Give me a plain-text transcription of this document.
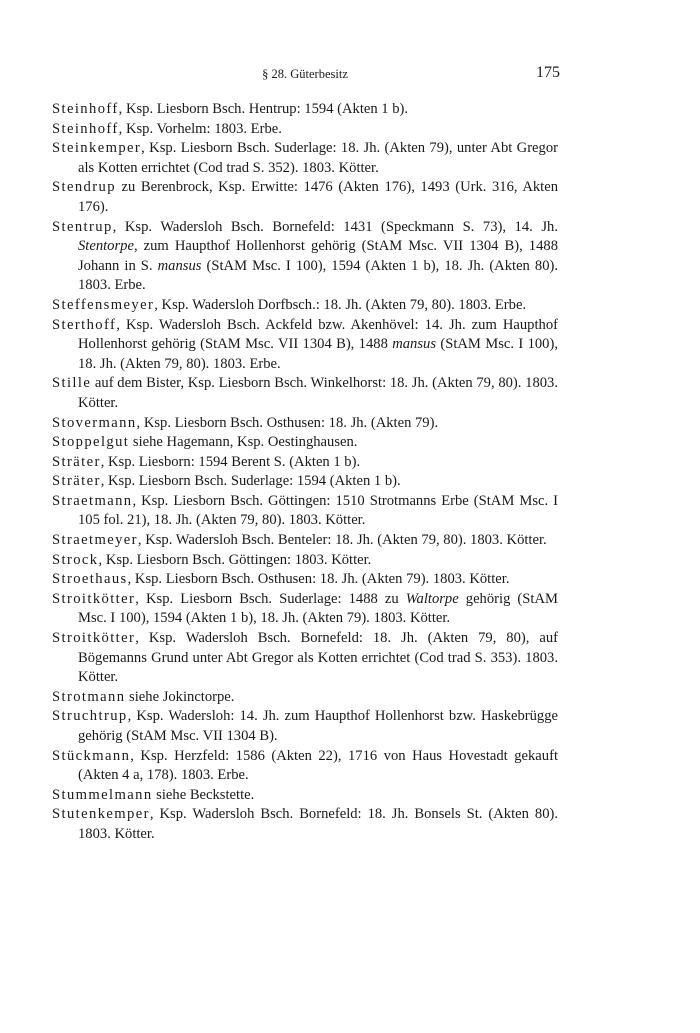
§ 28. Güterbesitz	175

Steinhoff, Ksp. Liesborn Bsch. Hentrup: 1594 (Akten 1 b).

Steinhoff, Ksp. Vorhelm: 1803. Erbe.

Steinkemper, Ksp. Liesborn Bsch. Suderlage: 18. Jh. (Akten 79), unter Abt Gregor als Kotten errichtet (Cod trad S. 352). 1803. Kötter.

Stendrup zu Berenbrock, Ksp. Erwitte: 1476 (Akten 176), 1493 (Urk. 316, Akten 176).

Stentrup, Ksp. Wadersloh Bsch. Bornefeld: 1431 (Speckmann S. 73), 14. Jh. Stentorpe, zum Haupthof Hollenhorst gehörig (StAM Msc. VII 1304 B), 1488 Johann in S. mansus (StAM Msc. I 100), 1594 (Akten 1 b), 18. Jh. (Akten 80). 1803. Erbe.

Steffensmeyer, Ksp. Wadersloh Dorfbsch.: 18. Jh. (Akten 79, 80). 1803. Erbe.

Sterthoff, Ksp. Wadersloh Bsch. Ackfeld bzw. Akenhövel: 14. Jh. zum Haupthof Hollenhorst gehörig (StAM Msc. VII 1304 B), 1488 mansus (StAM Msc. I 100), 18. Jh. (Akten 79, 80). 1803. Erbe.

Stille auf dem Bister, Ksp. Liesborn Bsch. Winkelhorst: 18. Jh. (Akten 79, 80). 1803. Kötter.

Stovermann, Ksp. Liesborn Bsch. Osthusen: 18. Jh. (Akten 79).

Stoppelgut siehe Hagemann, Ksp. Oestinghausen.

Sträter, Ksp. Liesborn: 1594 Berent S. (Akten 1 b).

Sträter, Ksp. Liesborn Bsch. Suderlage: 1594 (Akten 1 b).

Straetmann, Ksp. Liesborn Bsch. Göttingen: 1510 Strotmanns Erbe (StAM Msc. I 105 fol. 21), 18. Jh. (Akten 79, 80). 1803. Kötter.

Straetmeyer, Ksp. Wadersloh Bsch. Benteler: 18. Jh. (Akten 79, 80). 1803. Kötter.

Strock, Ksp. Liesborn Bsch. Göttingen: 1803. Kötter.

Stroethaus, Ksp. Liesborn Bsch. Osthusen: 18. Jh. (Akten 79). 1803. Kötter.

Stroitkötter, Ksp. Liesborn Bsch. Suderlage: 1488 zu Waltorpe gehörig (StAM Msc. I 100), 1594 (Akten 1 b), 18. Jh. (Akten 79). 1803. Kötter.

Stroitkötter, Ksp. Wadersloh Bsch. Bornefeld: 18. Jh. (Akten 79, 80), auf Bögemanns Grund unter Abt Gregor als Kotten errichtet (Cod trad S. 353). 1803. Kötter.

Strotmann siehe Jokinctorpe.

Struchtrup, Ksp. Wadersloh: 14. Jh. zum Haupthof Hollenhorst bzw. Haskebrügge gehörig (StAM Msc. VII 1304 B).

Stückmann, Ksp. Herzfeld: 1586 (Akten 22), 1716 von Haus Hovestadt gekauft (Akten 4 a, 178). 1803. Erbe.

Stummelmann siehe Beckstette.

Stutenkemper, Ksp. Wadersloh Bsch. Bornefeld: 18. Jh. Bonsels St. (Akten 80). 1803. Kötter.
